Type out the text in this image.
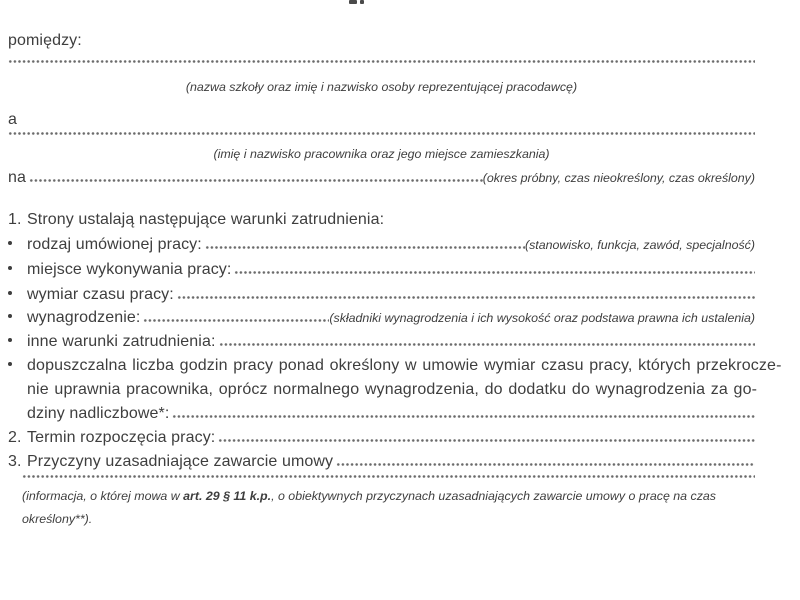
pomiędzy:
(nazwa szkoły oraz imię i nazwisko osoby reprezentującej pracodawcę)
a
(imię i nazwisko pracownika oraz jego miejsce zamieszkania)
na	(okres próbny, czas nieokreślony, czas określony)
1. Strony ustalają następujące warunki zatrudnienia:
rodzaj umówionej pracy:	(stanowisko, funkcja, zawód, specjalność)
miejsce wykonywania pracy:
wymiar czasu pracy:
wynagrodzenie:	(składniki wynagrodzenia i ich wysokość oraz podstawa prawna ich ustalenia)
inne warunki zatrudnienia:
dopuszczalna liczba godzin pracy ponad określony w umowie wymiar czasu pracy, których przekrocze-
nie uprawnia pracownika, oprócz normalnego wynagrodzenia, do dodatku do wynagrodzenia za go-
dziny nadliczbowe*:
2. Termin rozpoczęcia pracy:
3. Przyczyny uzasadniające zawarcie umowy
(informacja, o której mowa w art. 29 § 11 k.p., o obiektywnych przyczynach uzasadniających zawarcie umowy o pracę na czas
określony**).
